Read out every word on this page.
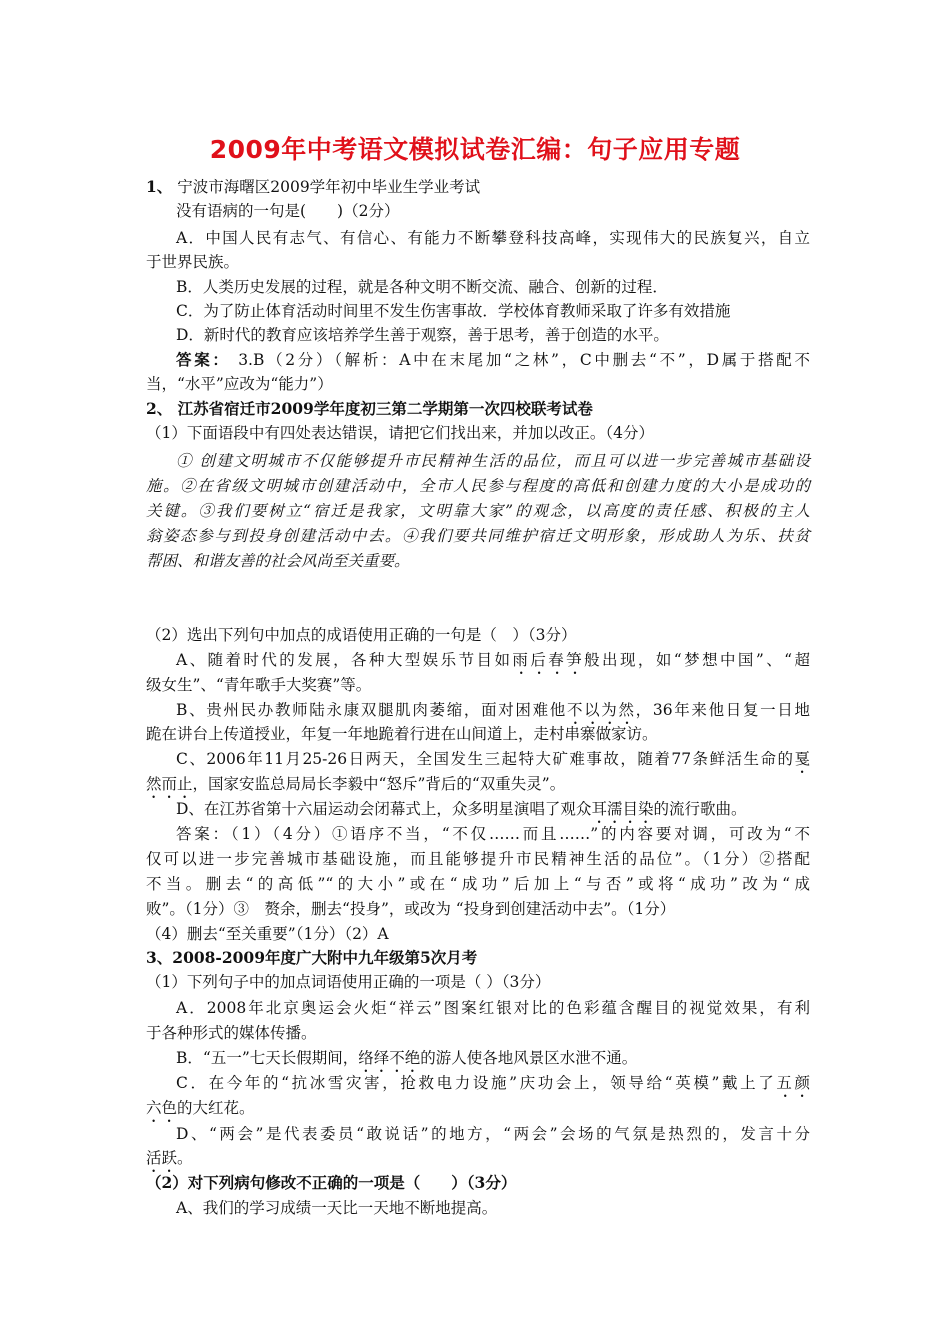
2009年中考语文模拟试卷汇编：句子应用专题
1、 宁波市海曙区2009学年初中毕业生学业考试
没有语病的一句是(　　)（2分）
A．中国人民有志气、有信心、有能力不断攀登科技高峰，实现伟大的民族复兴，自立
于世界民族。
B．人类历史发展的过程，就是各种文明不断交流、融合、创新的过程．
C．为了防止体育活动时间里不发生伤害事故．学校体育教师采取了许多有效措施
D．新时代的教育应该培养学生善于观察，善于思考，善于创造的水平。
答案： 3.B（2分）（解析：A中在末尾加“之林”，C中删去“不”，D属于搭配不
当，“水平”应改为“能力”）
2、 江苏省宿迁市2009学年度初三第二学期第一次四校联考试卷
（1）下面语段中有四处表达错误，请把它们找出来，并加以改正。（4分）
① 创建文明城市不仅能够提升市民精神生活的品位，而且可以进一步完善城市基础设
施。②在省级文明城市创建活动中，全市人民参与程度的高低和创建力度的大小是成功的
关键。③我们要树立“宿迁是我家，文明靠大家”的观念，以高度的责任感、积极的主人
翁姿态参与到投身创建活动中去。④我们要共同维护宿迁文明形象，形成助人为乐、扶贫
帮困、和谐友善的社会风尚至关重要。
（2）选出下列句中加点的成语使用正确的一句是（　）（3分）
A、随着时代的发展，各种大型娱乐节目如雨后春笋般出现，如“梦想中国”、“超
级女生”、“青年歌手大奖赛”等。
B、贵州民办教师陆永康双腿肌肉萎缩，面对困难他不以为然，36年来他日复一日地
跪在讲台上传道授业，年复一年地跪着行进在山间道上，走村串寨做家访。
C、2006年11月25-26日两天，全国发生三起特大矿难事故，随着77条鲜活生命的戛
然而止，国家安监总局局长李毅中“怒斥”背后的“双重失灵”。
D、在江苏省第十六届运动会闭幕式上，众多明星演唱了观众耳濡目染的流行歌曲。
答案：（1）（4分）①语序不当，“不仅……而且……”的内容要对调，可改为“不
仅可以进一步完善城市基础设施，而且能够提升市民精神生活的品位”。（1分）②搭配
不当。删去“的高低”“的大小”或在“成功”后加上“与否”或将“成功”改为“成
败”。（1分）③　赘余，删去“投身”，或改为 “投身到创建活动中去”。（1分）
（4）删去“至关重要”（1分）（2）A
3、2008-2009年度广大附中九年级第5次月考
（1）下列句子中的加点词语使用正确的一项是（ ）（3分）
A．2008年北京奥运会火炬“祥云”图案红银对比的色彩蕴含醒目的视觉效果，有利
于各种形式的媒体传播。
B．“五一”七天长假期间，络绎不绝的游人使各地风景区水泄不通。
C．在今年的“抗冰雪灾害，抢救电力设施”庆功会上，领导给“英模”戴上了五颜
六色的大红花。
D、“两会”是代表委员“敢说话”的地方，“两会”会场的气氛是热烈的，发言十分
活跃。
（2）对下列病句修改不正确的一项是（　　）（3分）
A、我们的学习成绩一天比一天地不断地提高。
